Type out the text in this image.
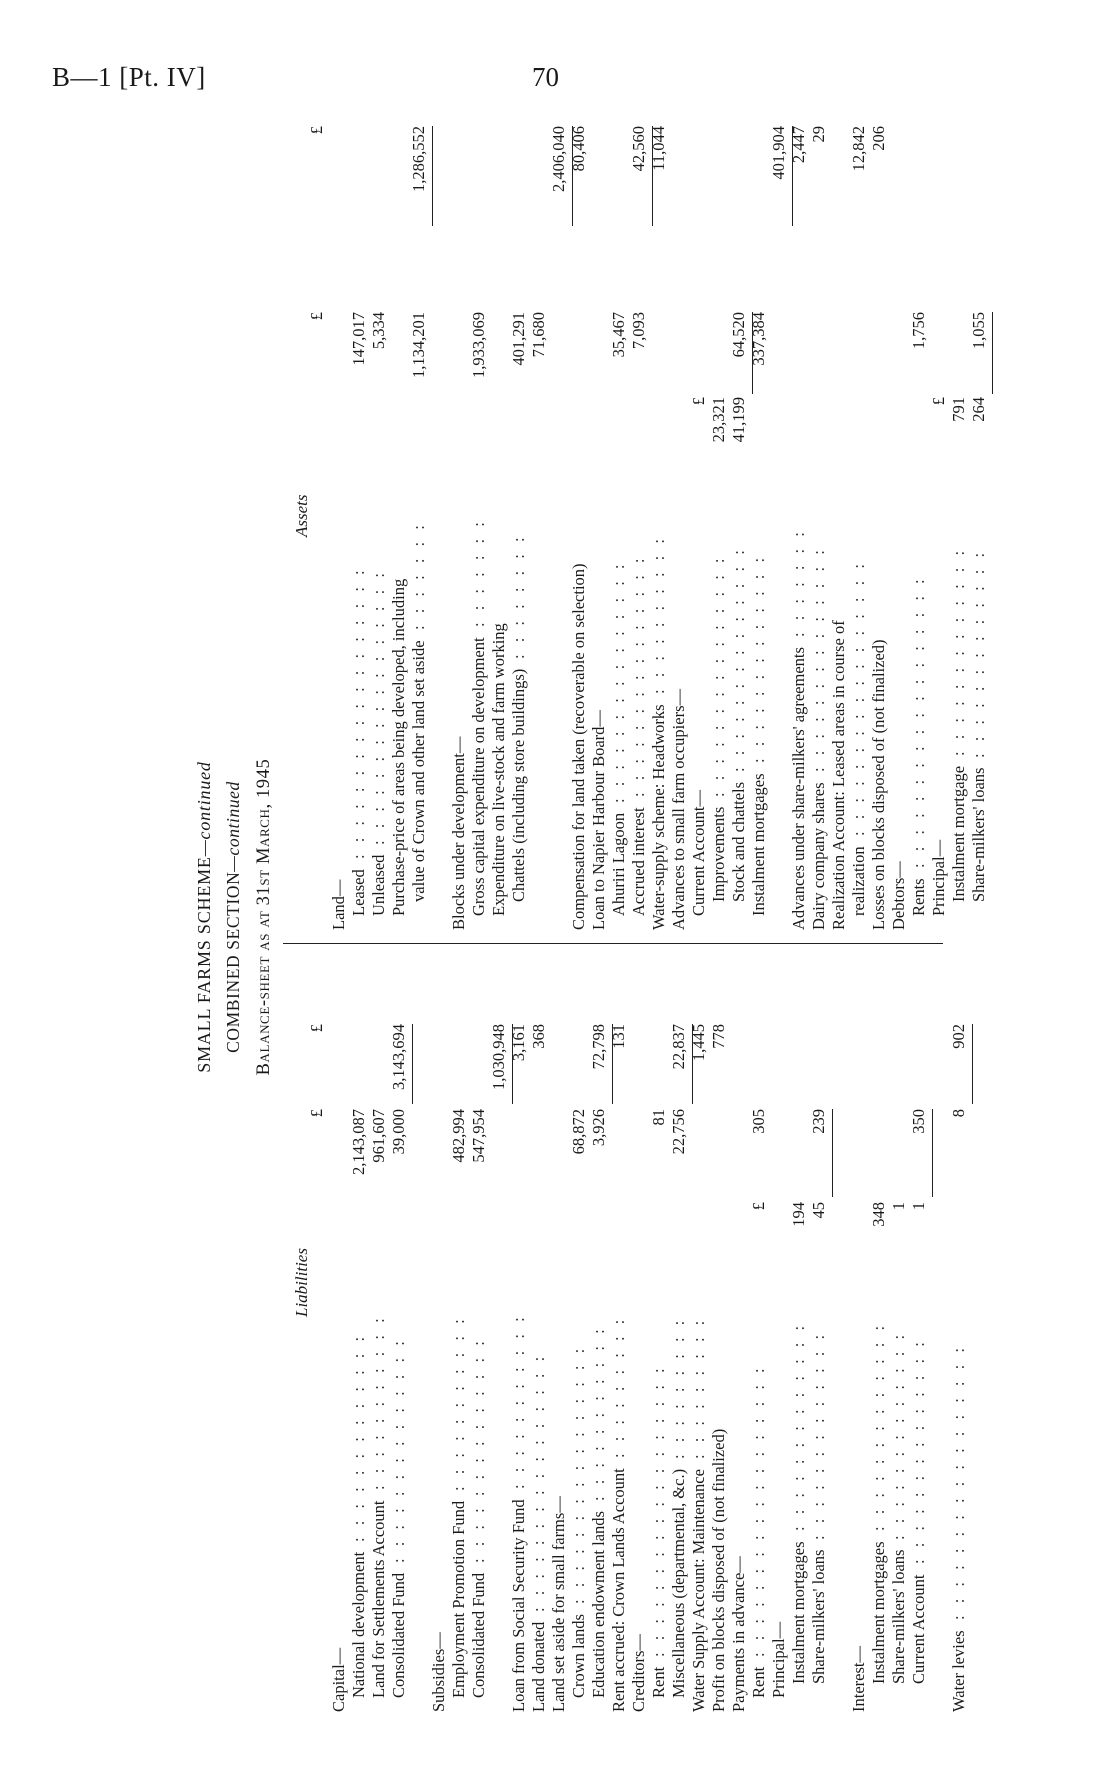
B—1 [Pt. IV]	70
SMALL FARMS SCHEME—continued
COMBINED SECTION—continued Balance-sheet as at 31st March, 1945
Liabilities
Assets
£
£
Capital— National development
: : : : : : : : : : : : :
2,143,087
Land for Settlements Account
: : : : : : : : : : :
961,607
Consolidated Fund
: : : : : : : : : : : : : :
39,000
3,143,694
Subsidies— Employment Promotion Fund
: : : : : : : : : : :
482,994
Consolidated Fund
: : : : : : : : : : : : : :
547,954
1,030,948
Loan from Social Security Fund
: : : : : : : : : : :
3,161
Land donated
: : : : : : : : : : : : : : : :
368
Land set aside for small farms— Crown lands
: : : : : : : : : : : : : : : :
68,872
Education endowment lands
: : : : : : : : : : :
3,926
72,798
Rent accrued: Crown Lands Account
: : : : : : : : :
131
Creditors— Rent
: : : : : : : : : : : : : : : : : :
81
Miscellaneous (departmental, &c.)
: : : : : : : : :
22,756
22,837
Water Supply Account: Maintenance
: : : : : : : : :
1,445
Profit on blocks disposed of (not finalized)
778
Payments in advance— Rent
: : : : : : : : : : : : : : : : : :
£
305
Principal— Instalment mortgages
: : : : : : : : : : : : :
194
Share-milkers' loans
: : : : : : : : : : : : :
45
239
Interest— Instalment mortgages
: : : : : : : : : : : : :
348
Share-milkers' loans
: : : : : : : : : : : : :
1
Current Account
: : : : : : : : : : : : : :
1
350
Water levies
: : : : : : : : : : : : : : : : :
8
902
£
£
Land— Leased
: : : : : : : : : : : : : : : : : :
147,017
Unleased
: : : : : : : : : : : : : : : : :
5,334
Purchase-price of areas being developed, including value of Crown and other land set aside
: : : : : : :
1,134,201
1,286,552
Blocks under development— Gross capital expenditure on development
: : : : : : :
1,933,069
Expenditure on live-stock and farm working Chattels (including store buildings)
: : : : : : : :
401,291 71,680
2,406,040
Compensation for land taken (recoverable on selection)
80,406
Loan to Napier Harbour Board— Ahuriri Lagoon
: : : : : : : : : : : : : : :
35,467
Accrued interest
: : : : : : : : : : : : : : :
7,093
42,560
Water-supply scheme: Headworks
: : : : : : : : : :
11,044
Advances to small farm occupiers— Current Account—
£
Improvements
: : : : : : : : : : : : : : :
23,321
Stock and chattels
: : : : : : : : : : : : : :
41,199
64,520
Instalment mortgages
: : : : : : : : : : : : :
337,384
401,904
Advances under share-milkers' agreements
: : : : : : :
2,447
Dairy company shares
: : : : : : : : : : : : : :
29
Realization Account: Leased areas in course of realization
: : : : : : : : : : : : : : : : :
12,842
Losses on blocks disposed of (not finalized)
206
Debtors— Rents
: : : : : : : : : : : : : : : : : :
1,756
Principal—
£
Instalment mortgage
: : : : : : : : : : : : :
791
Share-milkers' loans
: : : : : : : : : : : : :
264
1,055
